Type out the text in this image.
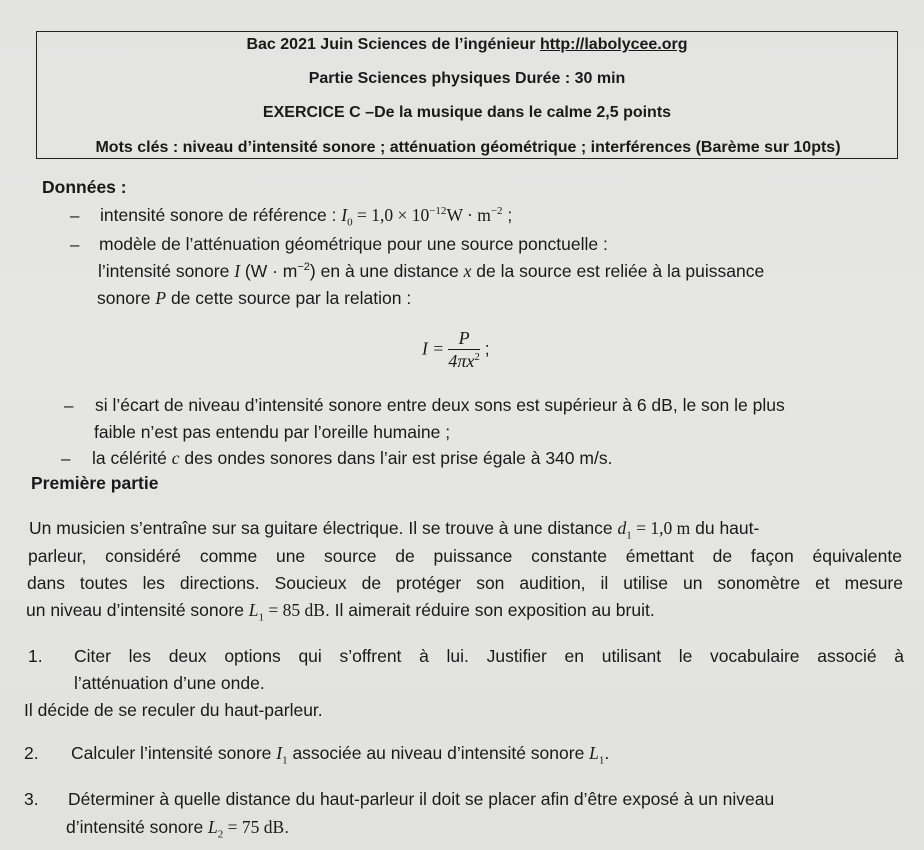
Bac 2021 Juin Sciences de l’ingénieur http://labolycee.org
Partie Sciences physiques Durée : 30 min
EXERCICE C –De la musique dans le calme 2,5 points
Mots clés : niveau d’intensité sonore ; atténuation géométrique ; interférences (Barème sur 10pts)
Données :
– intensité sonore de référence : $I_0 = 1,0 \times 10^{-12}W \cdot m^{-2}$ ;
– modèle de l’atténuation géométrique pour une source ponctuelle :
l’intensité sonore I $(W \cdot m^{-2})$ en à une distance x de la source est reliée à la puissance
sonore P de cette source par la relation :
$I = \frac{P}{4\pi x^2}$ ;
– si l’écart de niveau d’intensité sonore entre deux sons est supérieur à 6 dB, le son le plus
faible n’est pas entendu par l’oreille humaine ;
– la célérité c des ondes sonores dans l’air est prise égale à 340 m/s.
Première partie
Un musicien s’entraîne sur sa guitare électrique. Il se trouve à une distance $d_1 = 1,0$ m du haut-
parleur, considéré comme une source de puissance constante émettant de façon équivalente
dans toutes les directions. Soucieux de protéger son audition, il utilise un sonomètre et mesure
un niveau d’intensité sonore $L_1 = 85$ dB. Il aimerait réduire son exposition au bruit.
1. Citer les deux options qui s’offrent à lui. Justifier en utilisant le vocabulaire associé à
l’atténuation d’une onde.
Il décide de se reculer du haut-parleur.
2. Calculer l’intensité sonore $I_1$ associée au niveau d’intensité sonore $L_1$.
3. Déterminer à quelle distance du haut-parleur il doit se placer afin d’être exposé à un niveau
d’intensité sonore $L_2 = 75$ dB.
